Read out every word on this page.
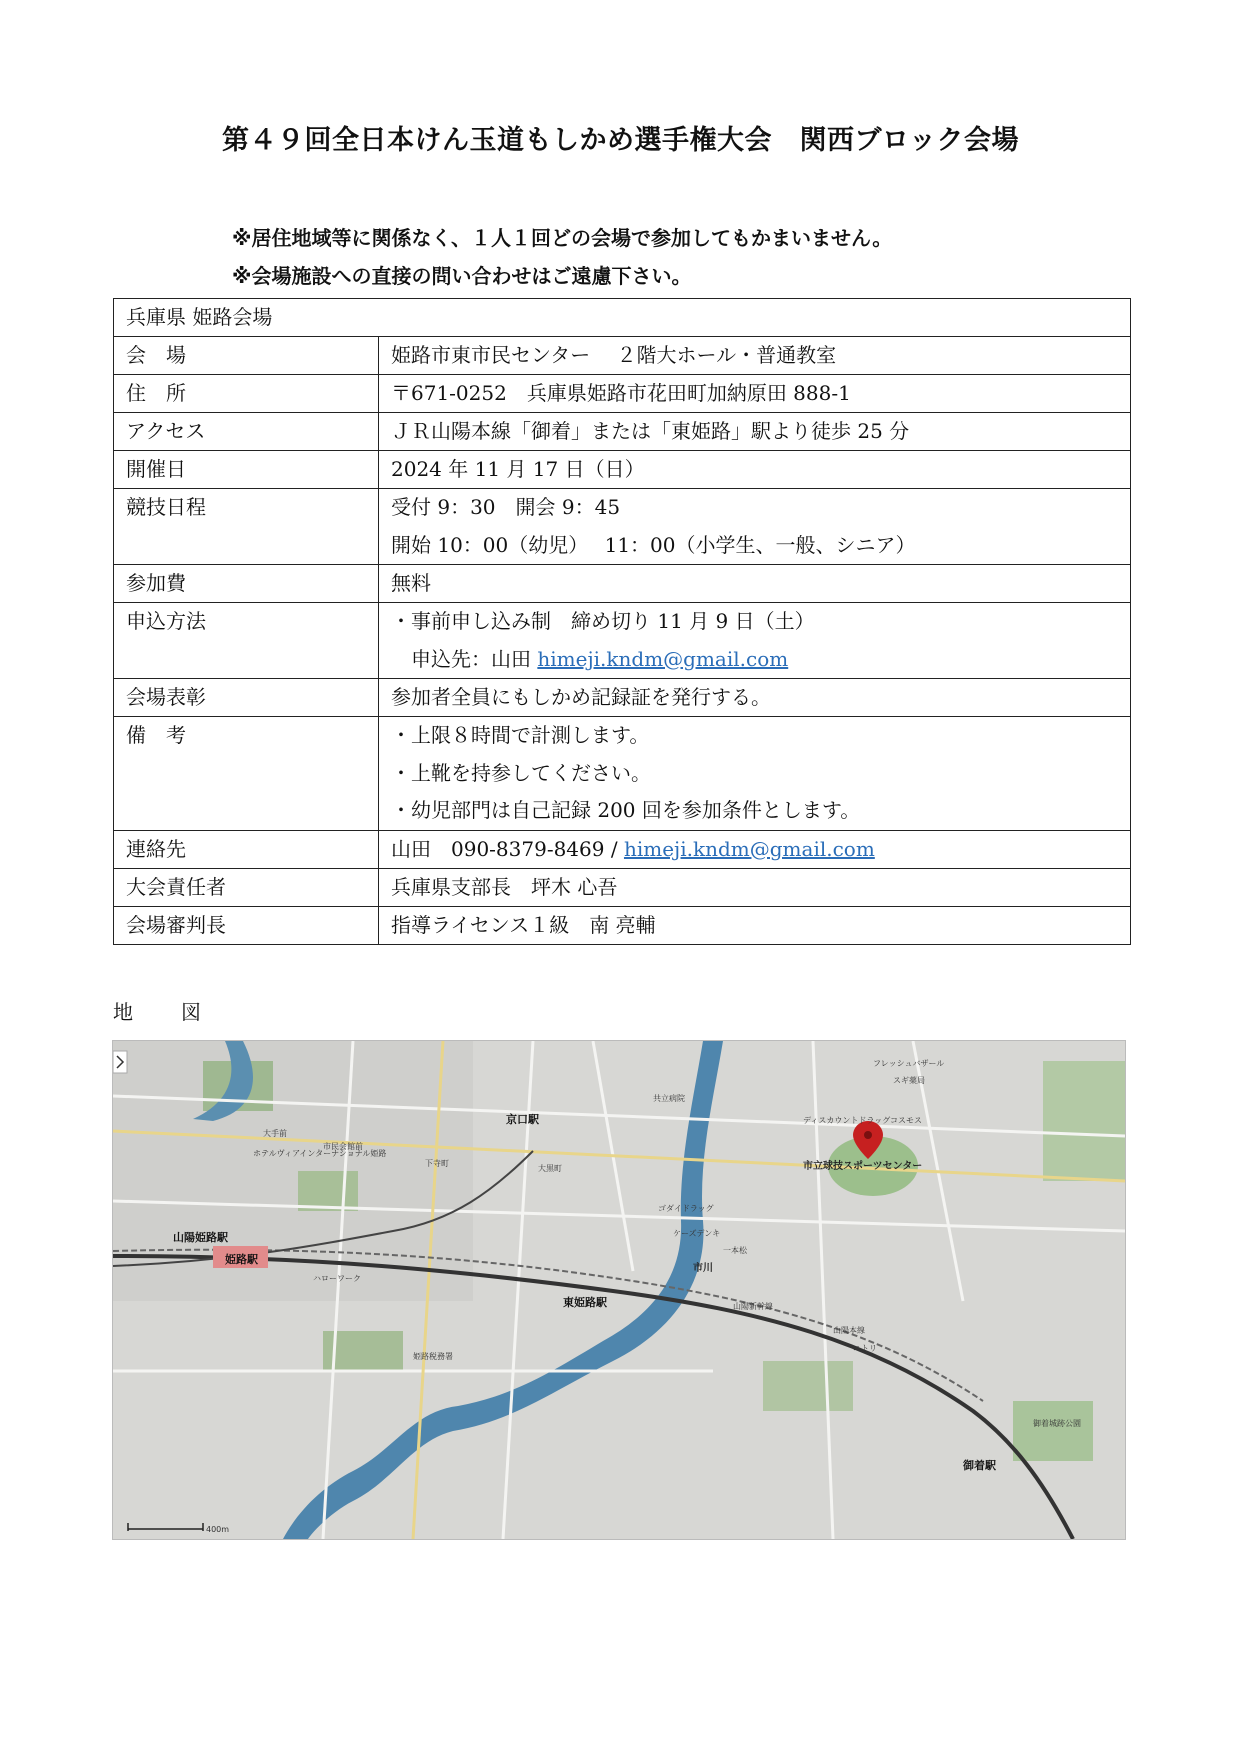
第４９回全日本けん玉道もしかめ選手権大会　関西ブロック会場
※居住地域等に関係なく、１人１回どの会場で参加してもかまいません。
※会場施設への直接の問い合わせはご遠慮下さい。
兵庫県 姫路会場	
会　場	姫路市東市民センター　 ２階大ホール・普通教室
住　所	〒671-0252　兵庫県姫路市花田町加納原田 888-1
アクセス	ＪＲ山陽本線「御着」または「東姫路」駅より徒歩 25 分
開催日	2024 年 11 月 17 日（日）
競技日程	受付 9：30　開会 9：45
開始 10：00（幼児）　 11：00（小学生、一般、シニア）

参加費	無料
申込方法	・事前申し込み制　締め切り 11 月 9 日（土）
　申込先：山田 himeji.kndm@gmail.com

会場表彰	参加者全員にもしかめ記録証を発行する。
備　考	・上限８時間で計測します。
・上靴を持参してください。
・幼児部門は自己記録 200 回を参加条件とします。

連絡先	山田　090-8379-8469 / himeji.kndm@gmail.com
大会責任者	兵庫県支部長　坪木 心吾
会場審判長	指導ライセンス１級　南 亮輔
地　図
山陽姫路駅
姫路駅
京口駅
東姫路駅
御着駅
市立球技スポーツセンター
ディスカウントドラッグコスモス
ニトリ
ケーズデンキ
ゴダイドラッグ
スギ薬局
フレッシュバザール
姫路税務署
市民会館前
大手前
ハローワーク
御着城跡公園
共立病院
ホテルヴィアインターナショナル姫路
山陽新幹線
山陽本線
市川
一本松
大黒町
下寺町
400m
